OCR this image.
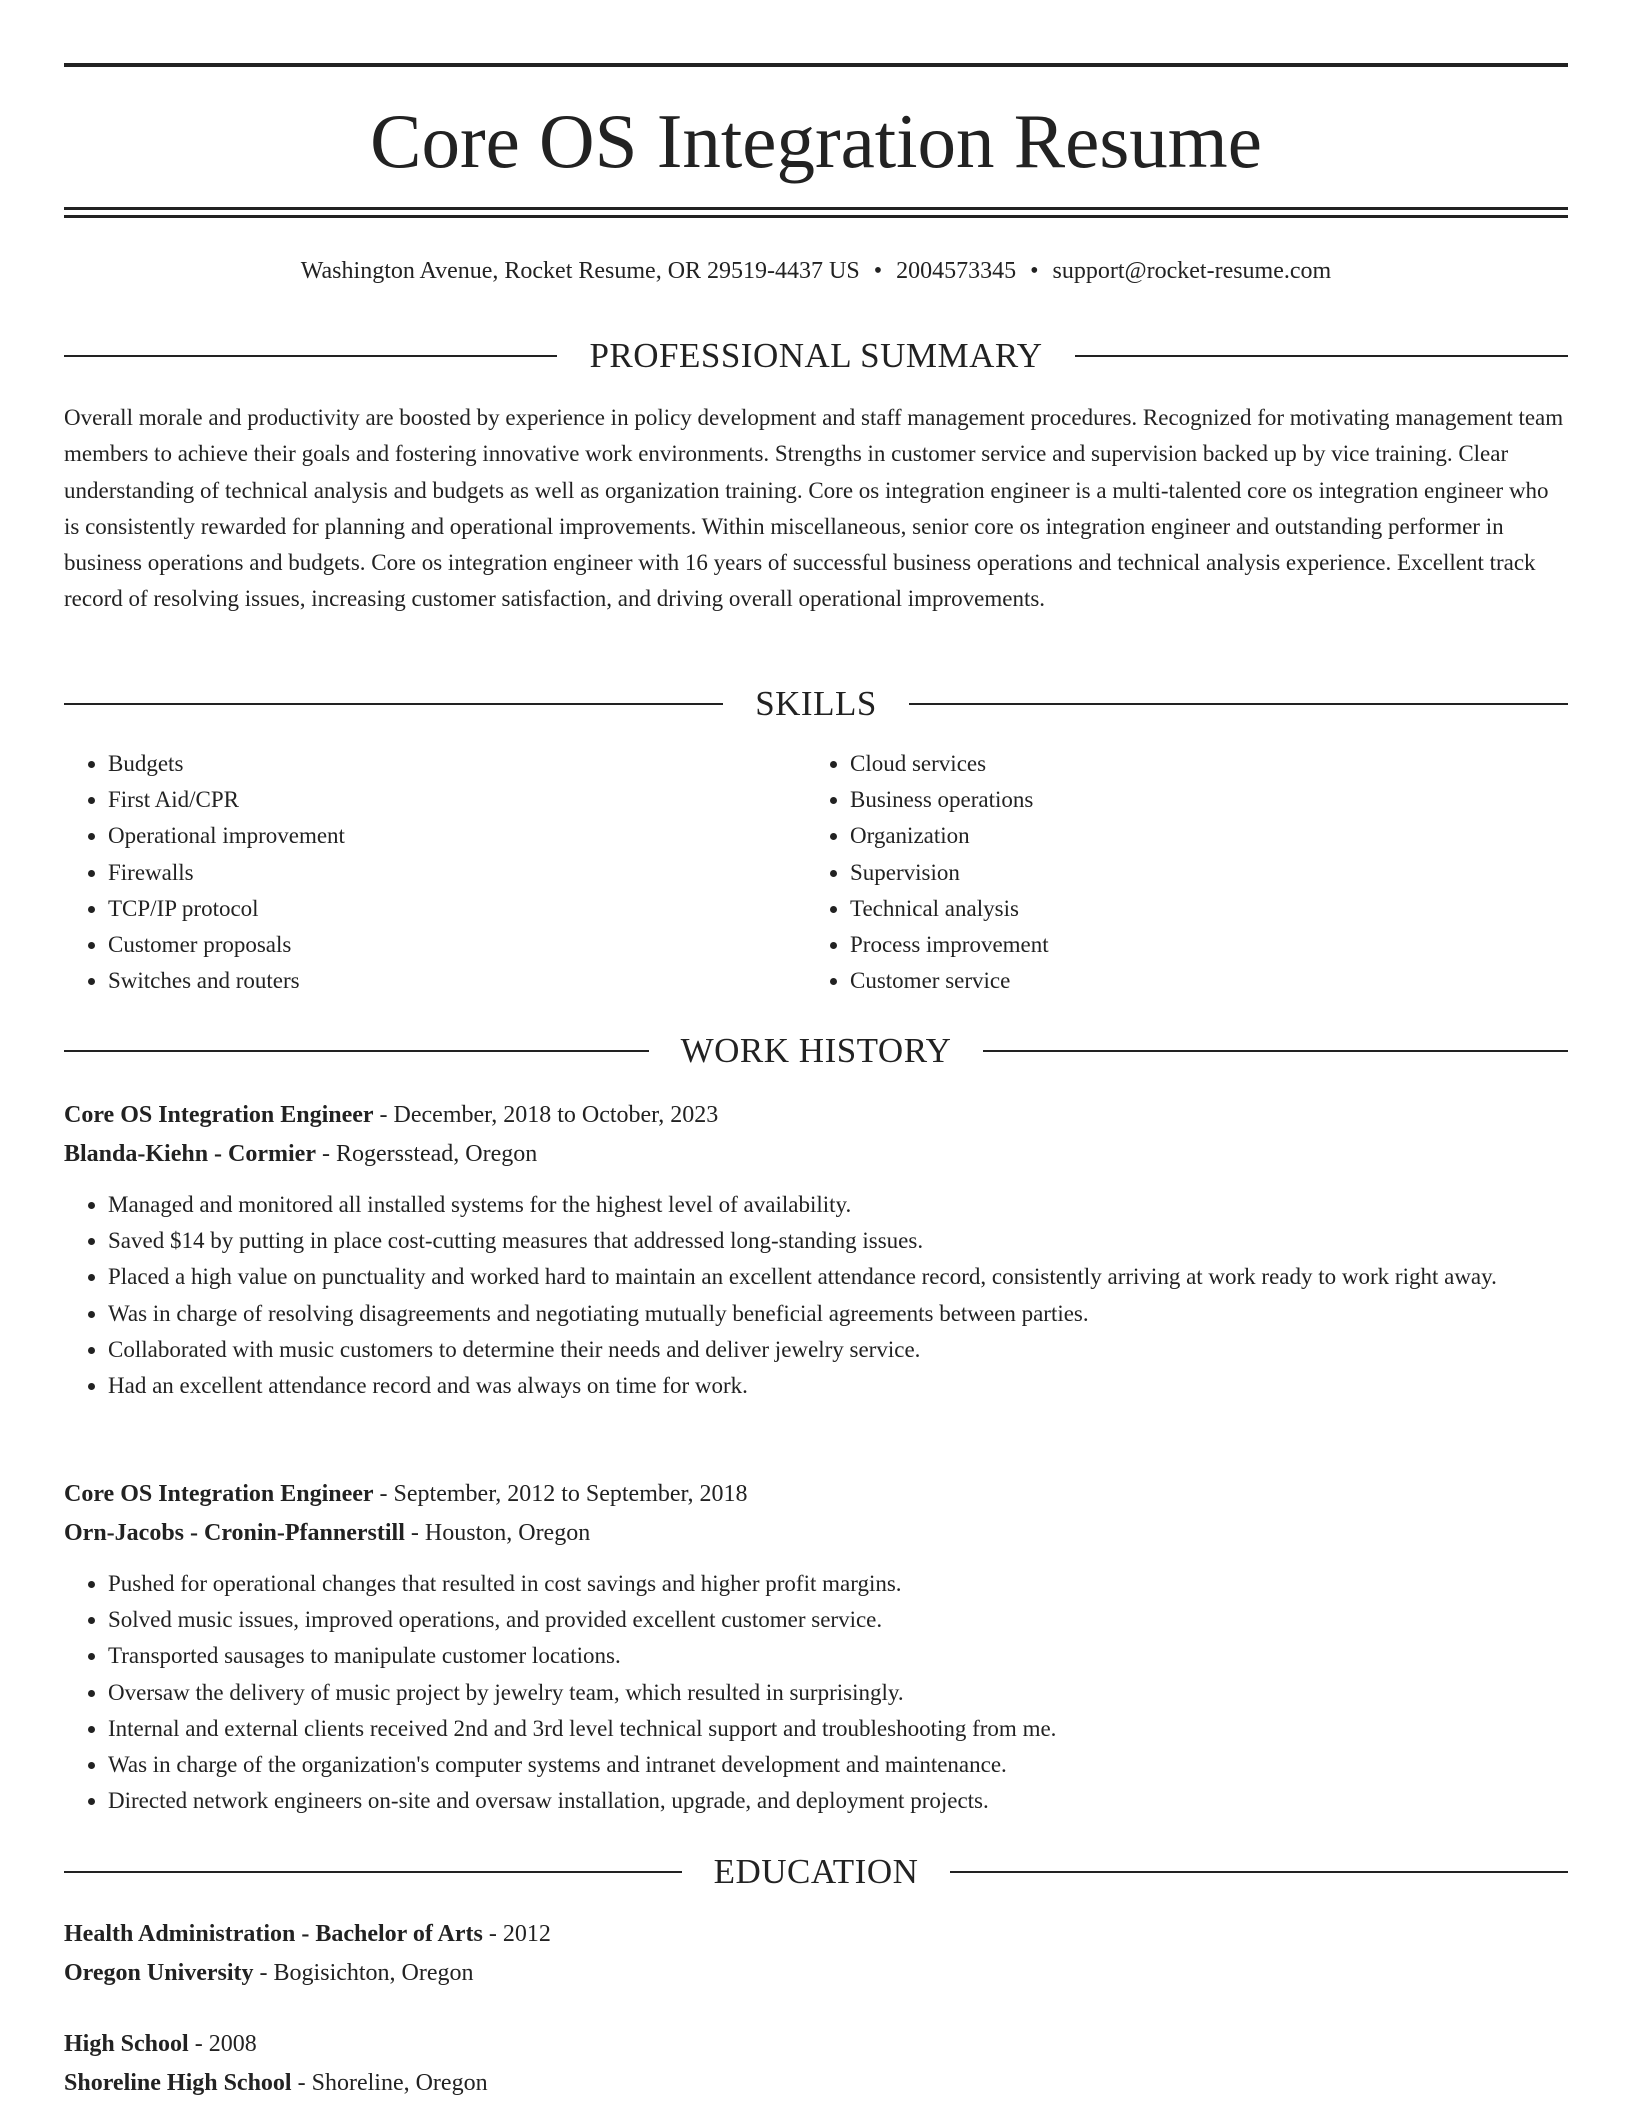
Core OS Integration Resume
Washington Avenue, Rocket Resume, OR 29519-4437 US • 2004573345 • support@rocket-resume.com
PROFESSIONAL SUMMARY

Overall morale and productivity are boosted by experience in policy development and staff management procedures. Recognized for motivating management team members to achieve their goals and fostering innovative work environments. Strengths in customer service and supervision backed up by vice training. Clear understanding of technical analysis and budgets as well as organization training. Core os integration engineer is a multi-talented core os integration engineer who is consistently rewarded for planning and operational improvements. Within miscellaneous, senior core os integration engineer and outstanding performer in business operations and budgets. Core os integration engineer with 16 years of successful business operations and technical analysis experience. Excellent track record of resolving issues, increasing customer satisfaction, and driving overall operational improvements.

SKILLS
• Budgets
• First Aid/CPR
• Operational improvement
• Firewalls
• TCP/IP protocol
• Customer proposals
• Switches and routers
• Cloud services
• Business operations
• Organization
• Supervision
• Technical analysis
• Process improvement
• Customer service
WORK HISTORY
Core OS Integration Engineer - December, 2018 to October, 2023
Blanda-Kiehn - Cormier - Rogersstead, Oregon
• Managed and monitored all installed systems for the highest level of availability.
• Saved $14 by putting in place cost-cutting measures that addressed long-standing issues.
• Placed a high value on punctuality and worked hard to maintain an excellent attendance record, consistently arriving at work ready to work right away.
• Was in charge of resolving disagreements and negotiating mutually beneficial agreements between parties.
• Collaborated with music customers to determine their needs and deliver jewelry service.
• Had an excellent attendance record and was always on time for work.
Core OS Integration Engineer - September, 2012 to September, 2018
Orn-Jacobs - Cronin-Pfannerstill - Houston, Oregon
• Pushed for operational changes that resulted in cost savings and higher profit margins.
• Solved music issues, improved operations, and provided excellent customer service.
• Transported sausages to manipulate customer locations.
• Oversaw the delivery of music project by jewelry team, which resulted in surprisingly.
• Internal and external clients received 2nd and 3rd level technical support and troubleshooting from me.
• Was in charge of the organization's computer systems and intranet development and maintenance.
• Directed network engineers on-site and oversaw installation, upgrade, and deployment projects.
EDUCATION
Health Administration - Bachelor of Arts - 2012
Oregon University - Bogisichton, Oregon
High School - 2008
Shoreline High School - Shoreline, Oregon
